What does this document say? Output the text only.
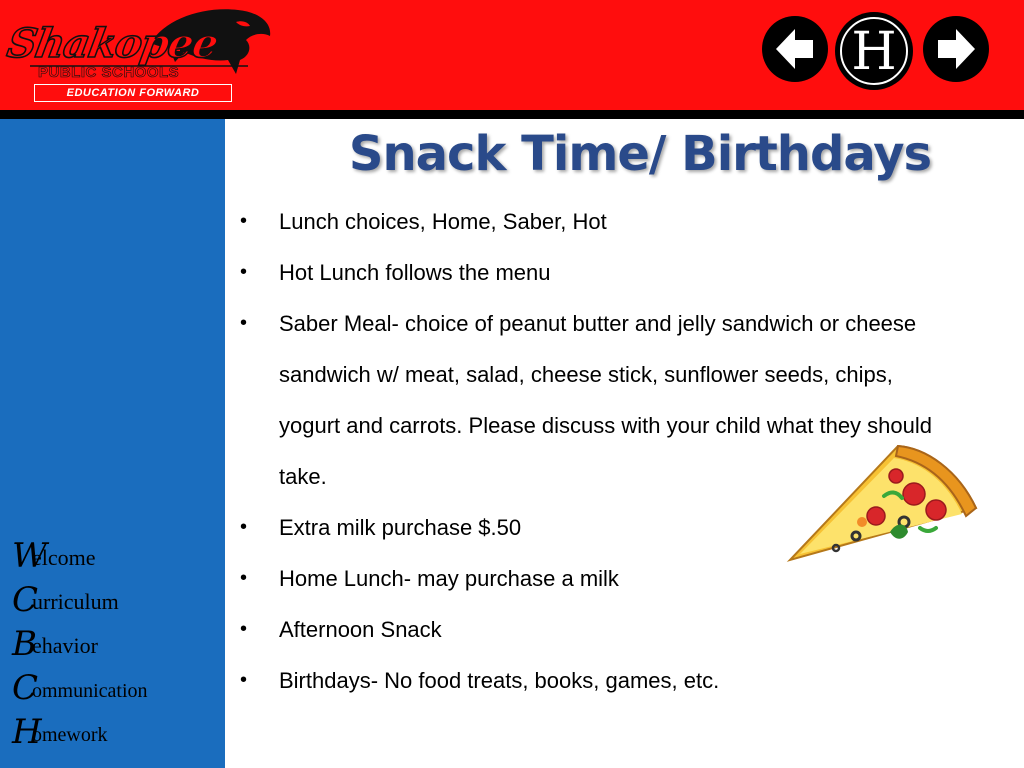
Shakopee
PUBLIC SCHOOLS
EDUCATION FORWARD
H
Welcome
Curriculum
Behavior
Communication
Homework
Snack Time/ Birthdays
• Lunch choices, Home, Saber, Hot
• Hot Lunch follows the menu
• Saber Meal- choice of peanut butter and jelly sandwich or cheese sandwich w/ meat, salad, cheese stick, sunflower seeds, chips, yogurt and carrots. Please discuss with your child what they should take.
• Extra milk purchase $.50
• Home Lunch- may purchase a milk
• Afternoon Snack
• Birthdays- No food treats, books, games, etc.
